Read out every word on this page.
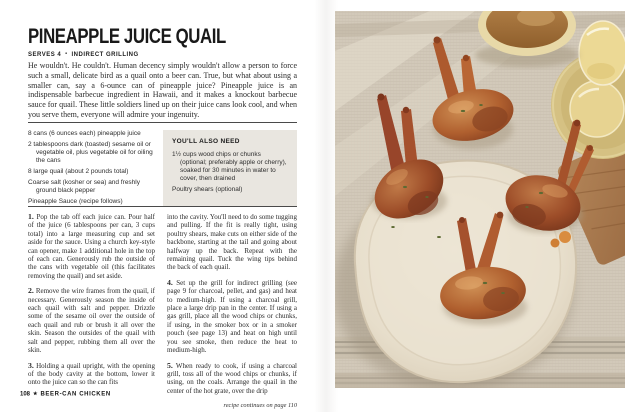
PINEAPPLE JUICE QUAIL
SERVES 4 • INDIRECT GRILLING
He wouldn't. He couldn't. Human decency simply wouldn't allow a person to force such a small, delicate bird as a quail onto a beer can. True, but what about using a smaller can, say a 6-ounce can of pineapple juice? Pineapple juice is an indispensable barbecue ingredient in Hawaii, and it makes a knockout barbecue sauce for quail. These little soldiers lined up on their juice cans look cool, and when you serve them, everyone will admire your ingenuity.
8 cans (6 ounces each) pineapple juice
2 tablespoons dark (toasted) sesame oil or vegetable oil, plus vegetable oil for oiling the cans
8 large quail (about 2 pounds total)
Coarse salt (kosher or sea) and freshly ground black pepper
Pineapple Sauce (recipe follows)
YOU'LL ALSO NEED
1½ cups wood chips or chunks (optional; preferably apple or cherry), soaked for 30 minutes in water to cover, then drained
Poultry shears (optional)

1. Pop the tab off each juice can. Pour half of the juice (6 tablespoons per can, 3 cups total) into a large measuring cup and set aside for the sauce. Using a church key-style can opener, make 1 additional hole in the top of each can. Generously rub the outside of the cans with vegetable oil (this facilitates removing the quail) and set aside.

2. Remove the wire frames from the quail, if necessary. Generously season the inside of each quail with salt and pepper. Drizzle some of the sesame oil over the outside of each quail and rub or brush it all over the skin. Season the outsides of the quail with salt and pepper, rubbing them all over the skin.

3. Holding a quail upright, with the opening of the body cavity at the bottom, lower it onto the juice can so the can fits

into the cavity. You'll need to do some tugging and pulling. If the fit is really tight, using poultry shears, make cuts on either side of the backbone, starting at the tail and going about halfway up the back. Repeat with the remaining quail. Tuck the wing tips behind the back of each quail.

4. Set up the grill for indirect grilling (see page 9 for charcoal, pellet, and gas) and heat to medium-high. If using a charcoal grill, place a large drip pan in the center. If using a gas grill, place all the wood chips or chunks, if using, in the smoker box or in a smoker pouch (see page 13) and heat on high until you see smoke, then reduce the heat to medium-high.

5. When ready to cook, if using a charcoal grill, toss all of the wood chips or chunks, if using, on the coals. Arrange the quail in the center of the hot grate, over the drip

recipe continues on page 110
108 ★ BEER-CAN CHICKEN
